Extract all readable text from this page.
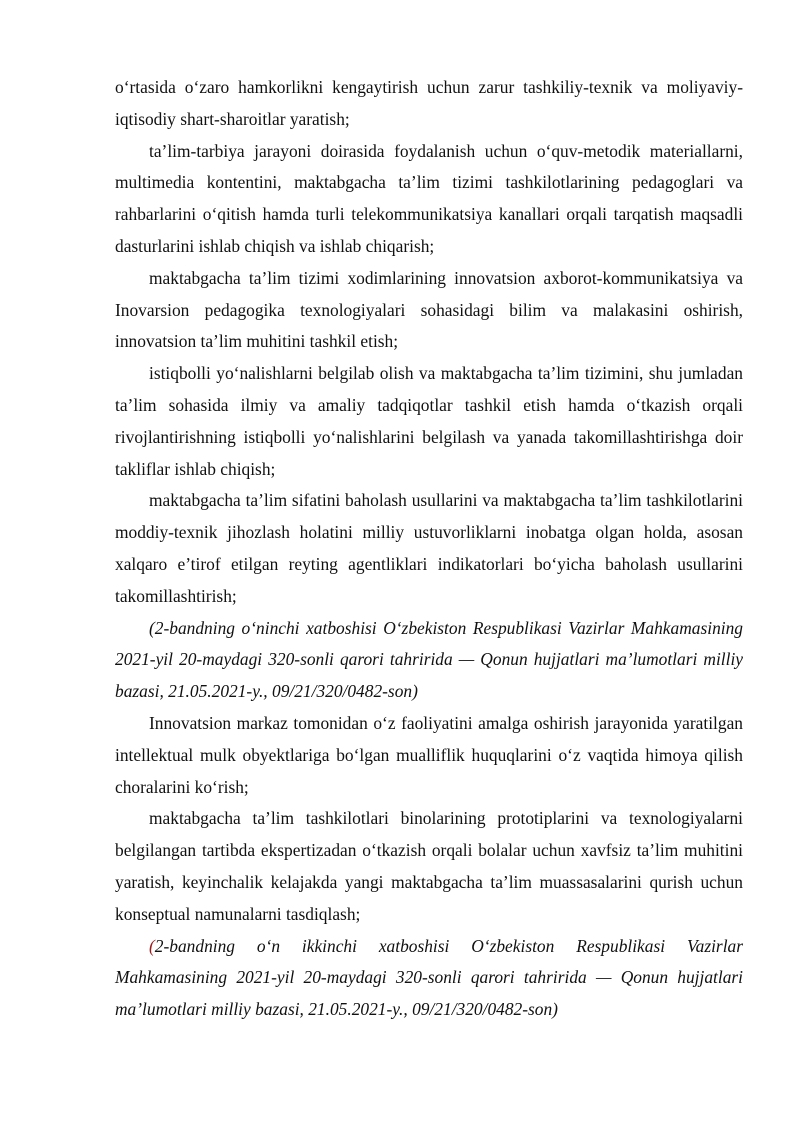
o‘rtasida o‘zaro hamkorlikni kengaytirish uchun zarur tashkiliy-texnik va moliyaviy-iqtisodiy shart-sharoitlar yaratish;

ta’lim-tarbiya jarayoni doirasida foydalanish uchun o‘quv-metodik materiallarni, multimedia kontentini, maktabgacha ta’lim tizimi tashkilotlarining pedagoglari va rahbarlarini o‘qitish hamda turli telekommunikatsiya kanallari orqali tarqatish maqsadli dasturlarini ishlab chiqish va ishlab chiqarish;

maktabgacha ta’lim tizimi xodimlarining innovatsion axborot-kommunikatsiya va Inovarsion pedagogika texnologiyalari sohasidagi bilim va malakasini oshirish, innovatsion ta’lim muhitini tashkil etish;

istiqbolli yo‘nalishlarni belgilab olish va maktabgacha ta’lim tizimini, shu jumladan ta’lim sohasida ilmiy va amaliy tadqiqotlar tashkil etish hamda o‘tkazish orqali rivojlantirishning istiqbolli yo‘nalishlarini belgilash va yanada takomillashtirishga doir takliflar ishlab chiqish;

maktabgacha ta’lim sifatini baholash usullarini va maktabgacha ta’lim tashkilotlarini moddiy-texnik jihozlash holatini milliy ustuvorliklarni inobatga olgan holda, asosan xalqaro e’tirof etilgan reyting agentliklari indikatorlari bo‘yicha baholash usullarini takomillashtirish;

(2-bandning o‘ninchi xatboshisi O‘zbekiston Respublikasi Vazirlar Mahkamasining 2021-yil 20-maydagi 320-sonli qarori tahririda — Qonun hujjatlari ma’lumotlari milliy bazasi, 21.05.2021-y., 09/21/320/0482-son)

Innovatsion markaz tomonidan o‘z faoliyatini amalga oshirish jarayonida yaratilgan intellektual mulk obyektlariga bo‘lgan mualliflik huquqlarini o‘z vaqtida himoya qilish choralarini ko‘rish;

maktabgacha ta’lim tashkilotlari binolarining prototiplarini va texnologiyalarni belgilangan tartibda ekspertizadan o‘tkazish orqali bolalar uchun xavfsiz ta’lim muhitini yaratish, keyinchalik kelajakda yangi maktabgacha ta’lim muassasalarini qurish uchun konseptual namunalarni tasdiqlash;

(2-bandning o‘n ikkinchi xatboshisi O‘zbekiston Respublikasi Vazirlar Mahkamasining 2021-yil 20-maydagi 320-sonli qarori tahririda — Qonun hujjatlari ma’lumotlari milliy bazasi, 21.05.2021-y., 09/21/320/0482-son)
